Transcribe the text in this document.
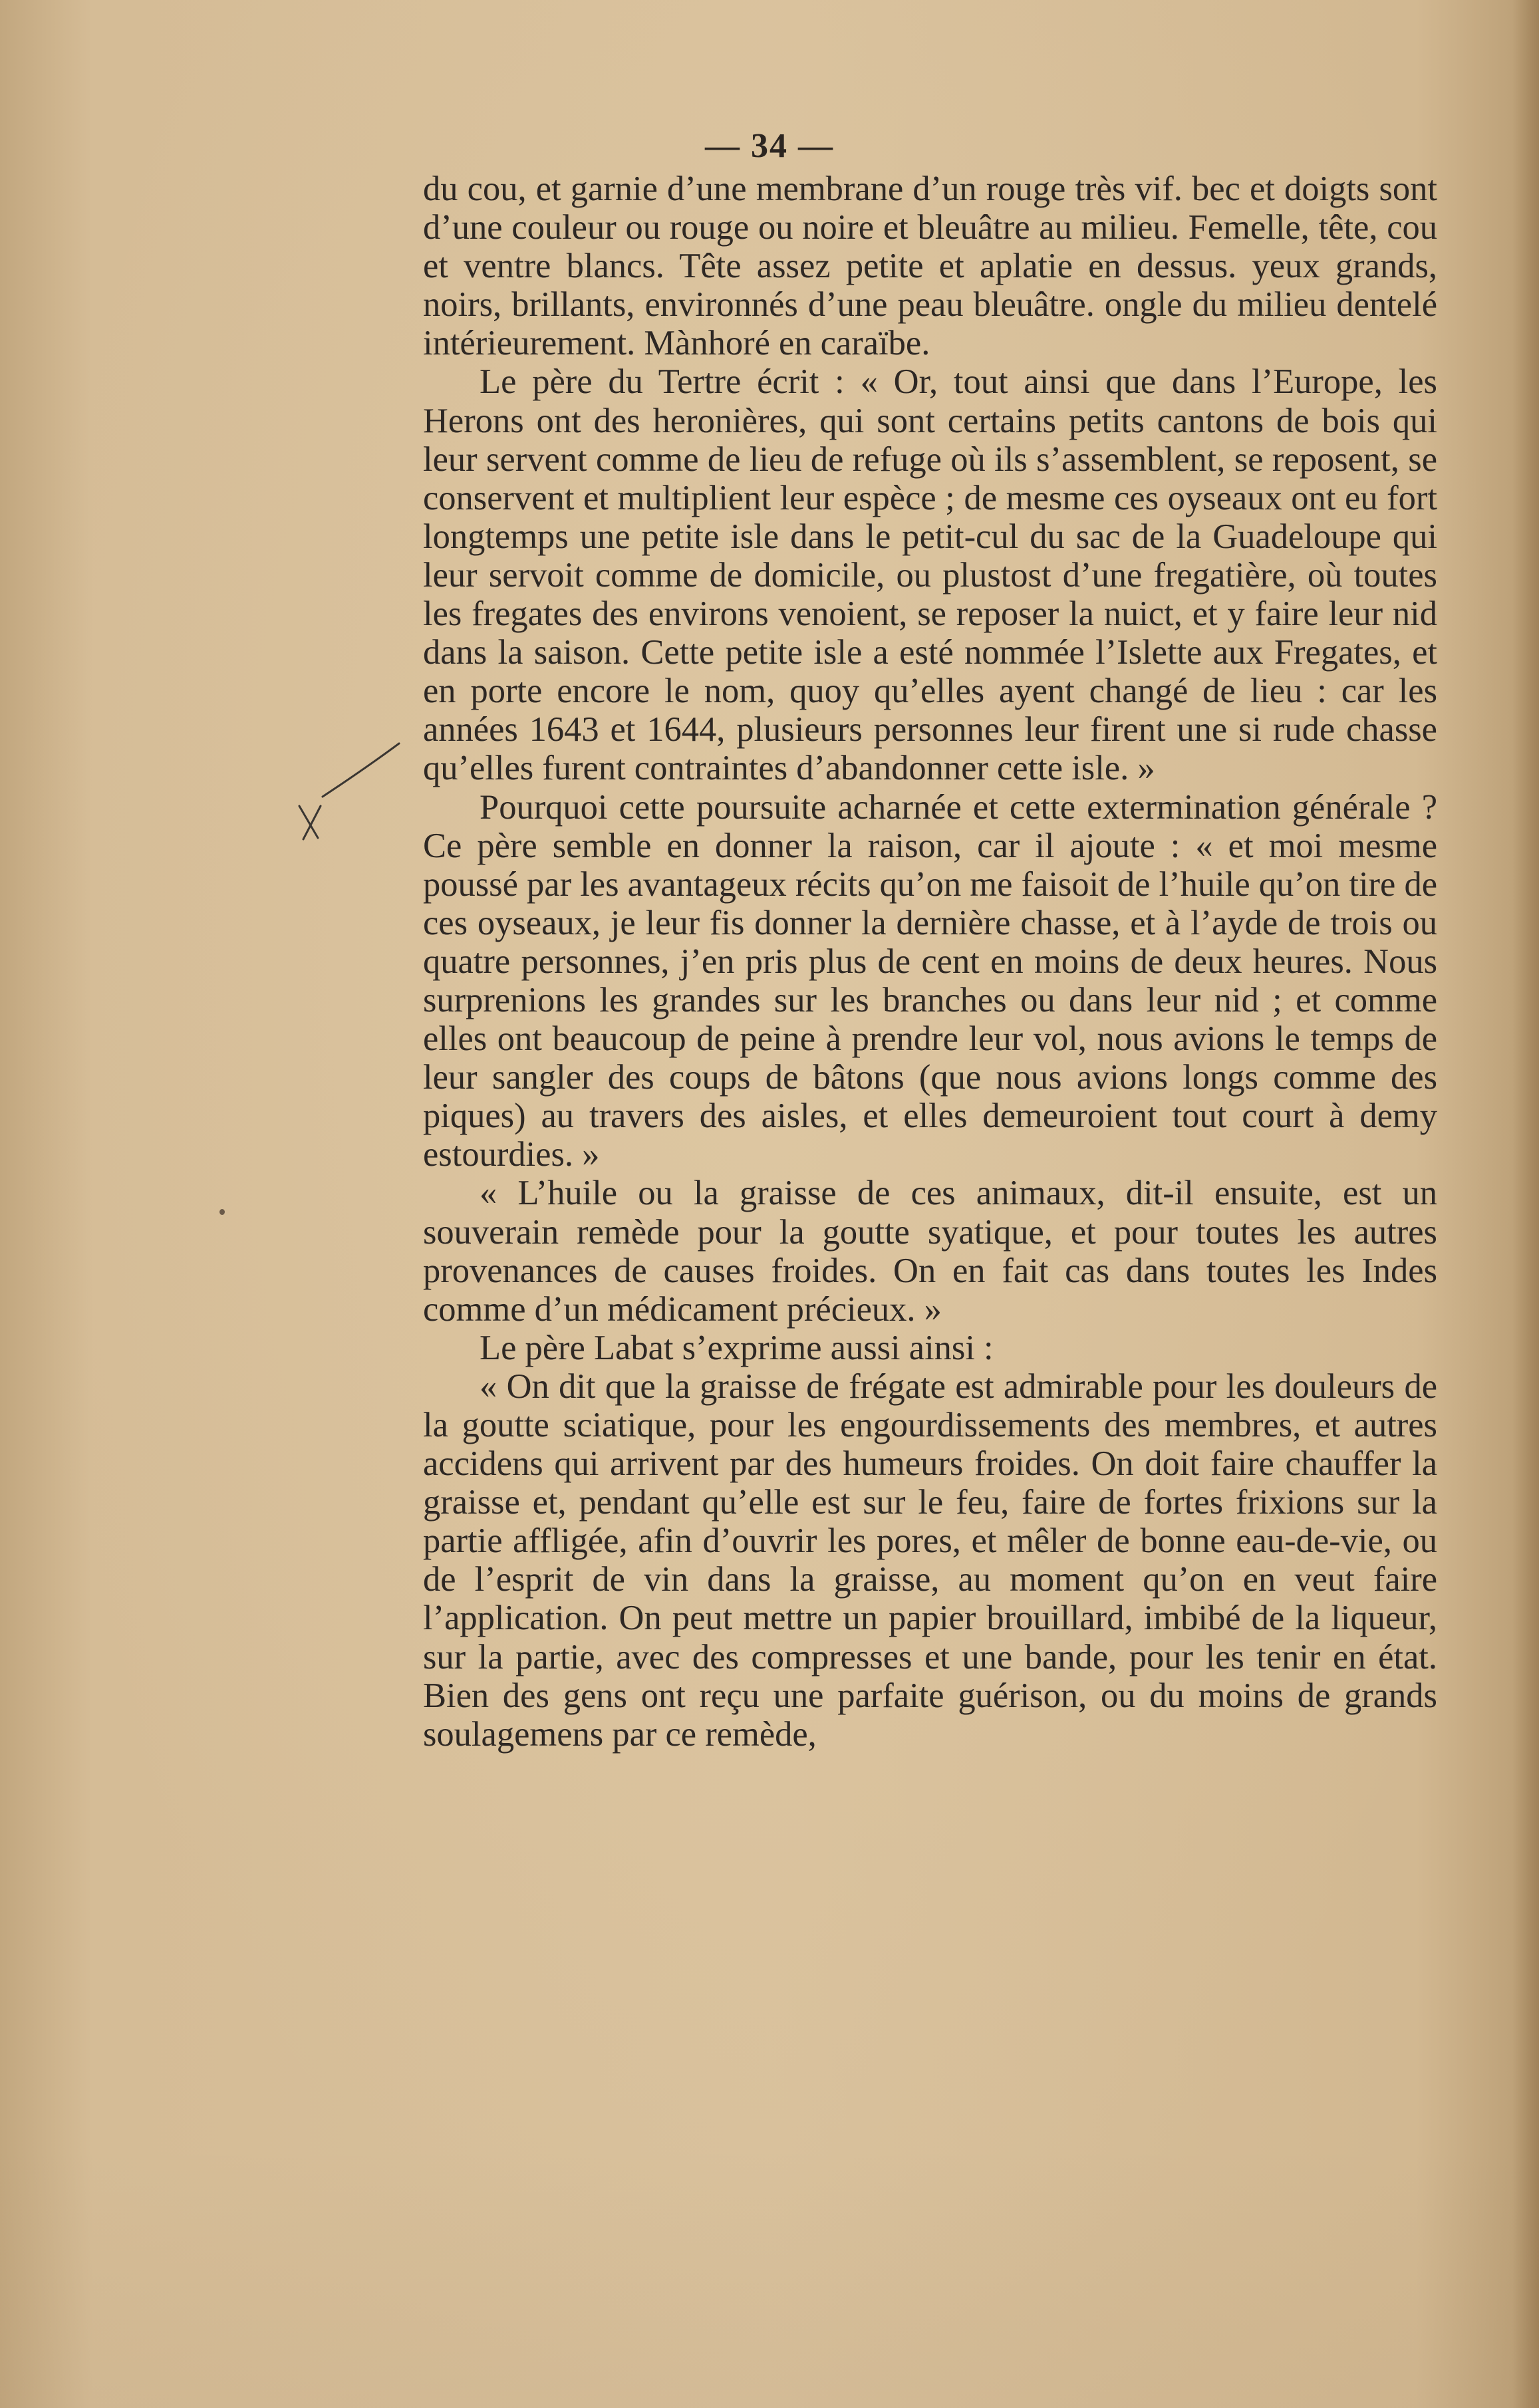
— 34 —

du cou, et garnie d’une membrane d’un rouge très vif. bec et doigts sont d’une couleur ou rouge ou noire et bleuâtre au milieu. Femelle, tête, cou et ventre blancs. Tête assez petite et aplatie en dessus. yeux grands, noirs, brillants, environnés d’une peau bleuâtre. ongle du milieu dentelé intérieurement. Mànhoré en caraïbe.

Le père du Tertre écrit : « Or, tout ainsi que dans l’Europe, les Herons ont des heronières, qui sont certains petits cantons de bois qui leur servent comme de lieu de refuge où ils s’assemblent, se reposent, se conservent et multiplient leur espèce ; de mesme ces oyseaux ont eu fort longtemps une petite isle dans le petit-cul du sac de la Guadeloupe qui leur servoit comme de domicile, ou plustost d’une fregatière, où toutes les fregates des environs venoient, se reposer la nuict, et y faire leur nid dans la saison. Cette petite isle a esté nommée l’Islette aux Fregates, et en porte encore le nom, quoy qu’elles ayent changé de lieu : car les années 1643 et 1644, plusieurs personnes leur firent une si rude chasse qu’elles furent contraintes d’abandonner cette isle. »

Pourquoi cette poursuite acharnée et cette extermination générale ? Ce père semble en donner la raison, car il ajoute : « et moi mesme poussé par les avantageux récits qu’on me faisoit de l’huile qu’on tire de ces oyseaux, je leur fis donner la dernière chasse, et à l’ayde de trois ou quatre personnes, j’en pris plus de cent en moins de deux heures. Nous surprenions les grandes sur les branches ou dans leur nid ; et comme elles ont beaucoup de peine à prendre leur vol, nous avions le temps de leur sangler des coups de bâtons (que nous avions longs comme des piques) au travers des aisles, et elles demeuroient tout court à demy estourdies. »

« L’huile ou la graisse de ces animaux, dit-il ensuite, est un souverain remède pour la goutte syatique, et pour toutes les autres provenances de causes froides. On en fait cas dans toutes les Indes comme d’un médicament précieux. »

Le père Labat s’exprime aussi ainsi :

« On dit que la graisse de frégate est admirable pour les douleurs de la goutte sciatique, pour les engourdissements des membres, et autres accidens qui arrivent par des humeurs froides. On doit faire chauffer la graisse et, pendant qu’elle est sur le feu, faire de fortes frixions sur la partie affligée, afin d’ouvrir les pores, et mêler de bonne eau-de-vie, ou de l’esprit de vin dans la graisse, au moment qu’on en veut faire l’application. On peut mettre un papier brouillard, imbibé de la liqueur, sur la partie, avec des compresses et une bande, pour les tenir en état. Bien des gens ont reçu une parfaite guérison, ou du moins de grands soulagemens par ce remède,
